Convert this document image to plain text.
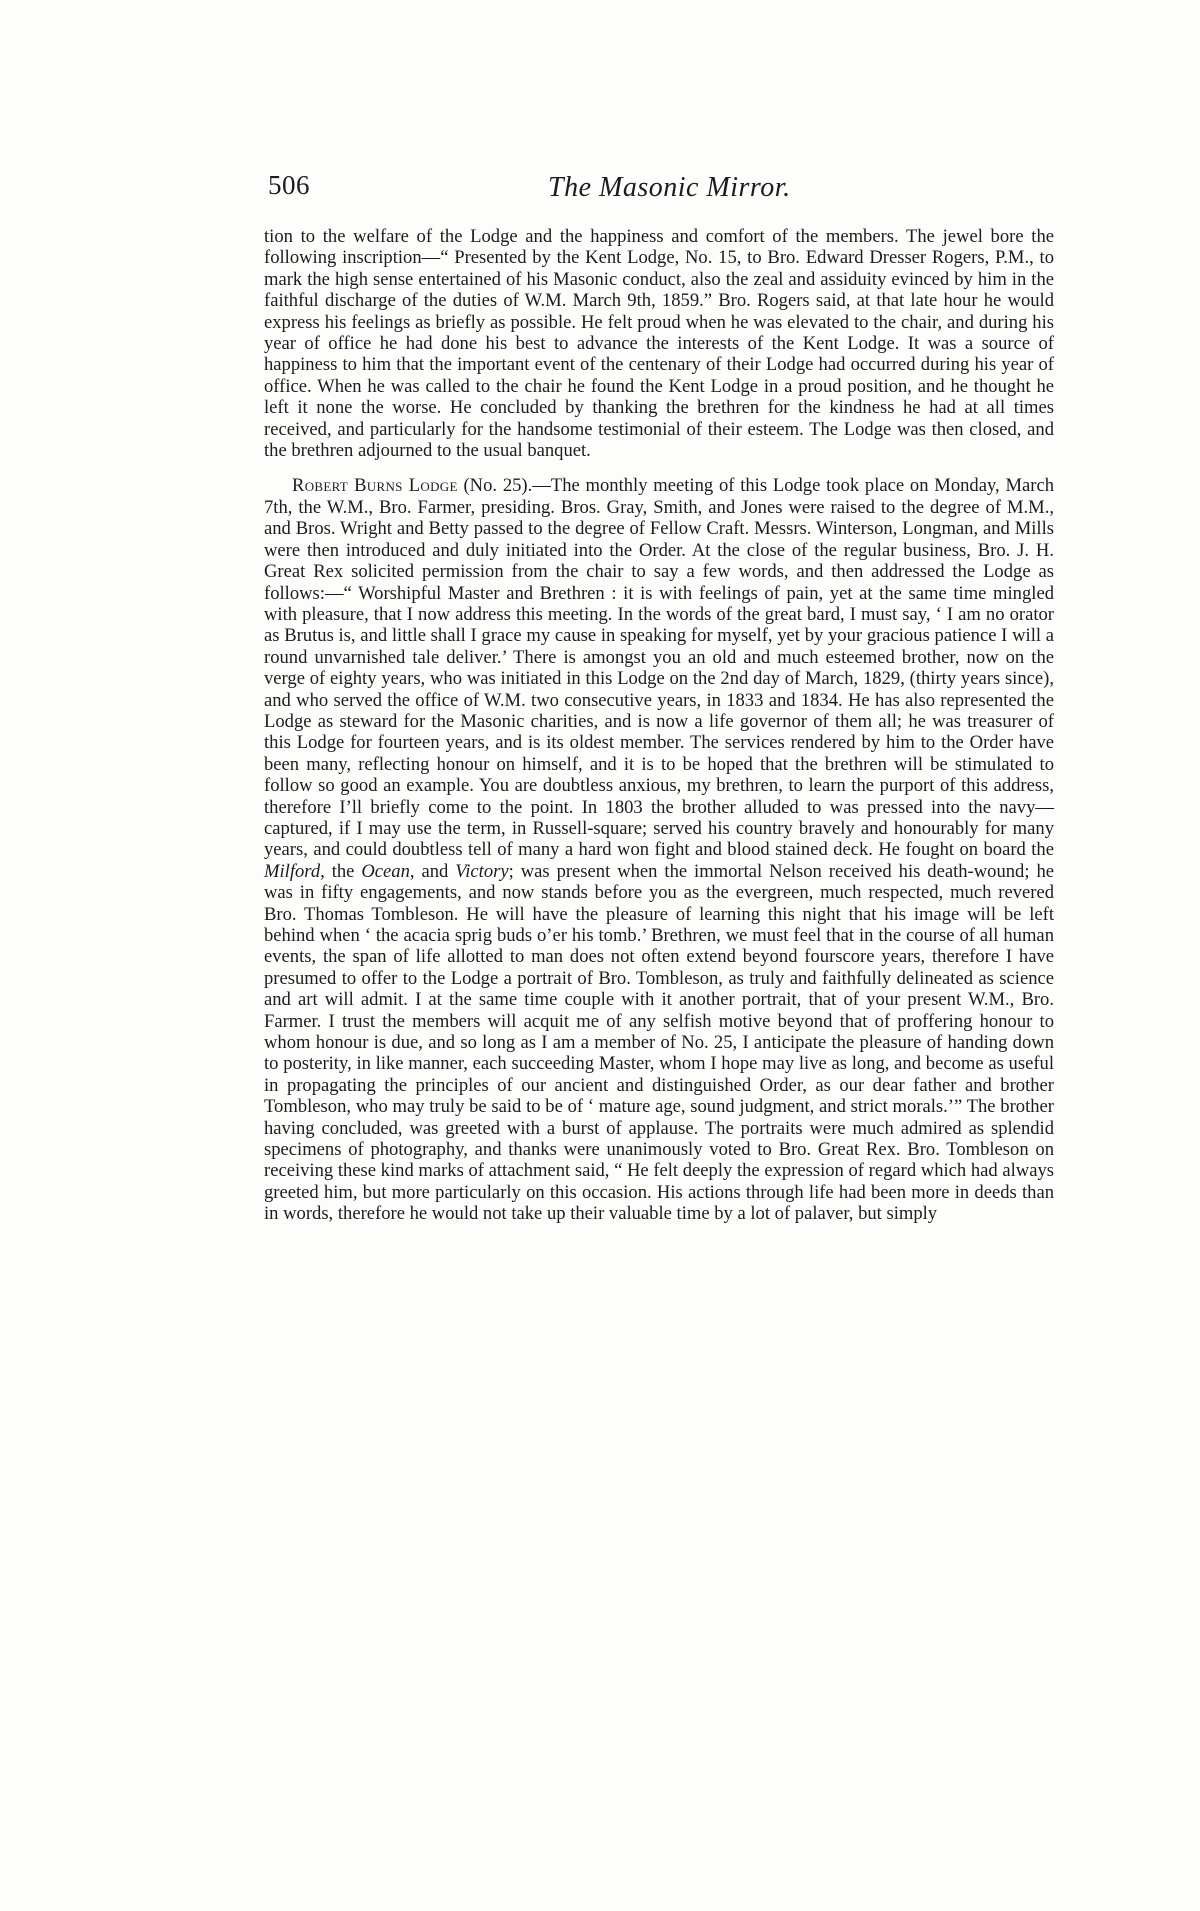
506	The Masonic Mirror.

tion to the welfare of the Lodge and the happiness and comfort of the members. The jewel bore the following inscription—“ Presented by the Kent Lodge, No. 15, to Bro. Edward Dresser Rogers, P.M., to mark the high sense entertained of his Masonic conduct, also the zeal and assiduity evinced by him in the faithful discharge of the duties of W.M. March 9th, 1859.” Bro. Rogers said, at that late hour he would express his feelings as briefly as possible. He felt proud when he was elevated to the chair, and during his year of office he had done his best to advance the interests of the Kent Lodge. It was a source of happiness to him that the important event of the centenary of their Lodge had occurred during his year of office. When he was called to the chair he found the Kent Lodge in a proud position, and he thought he left it none the worse. He concluded by thanking the brethren for the kindness he had at all times received, and particularly for the handsome testimonial of their esteem. The Lodge was then closed, and the brethren adjourned to the usual banquet.

Robert Burns Lodge (No. 25).—The monthly meeting of this Lodge took place on Monday, March 7th, the W.M., Bro. Farmer, presiding. Bros. Gray, Smith, and Jones were raised to the degree of M.M., and Bros. Wright and Betty passed to the degree of Fellow Craft. Messrs. Winterson, Longman, and Mills were then introduced and duly initiated into the Order. At the close of the regular business, Bro. J. H. Great Rex solicited permission from the chair to say a few words, and then addressed the Lodge as follows:—“ Worshipful Master and Brethren : it is with feelings of pain, yet at the same time mingled with pleasure, that I now address this meeting. In the words of the great bard, I must say, ‘ I am no orator as Brutus is, and little shall I grace my cause in speaking for myself, yet by your gracious patience I will a round unvarnished tale deliver.’ There is amongst you an old and much esteemed brother, now on the verge of eighty years, who was initiated in this Lodge on the 2nd day of March, 1829, (thirty years since), and who served the office of W.M. two consecutive years, in 1833 and 1834. He has also represented the Lodge as steward for the Masonic charities, and is now a life governor of them all; he was treasurer of this Lodge for fourteen years, and is its oldest member. The services rendered by him to the Order have been many, reflecting honour on himself, and it is to be hoped that the brethren will be stimulated to follow so good an example. You are doubtless anxious, my brethren, to learn the purport of this address, therefore I’ll briefly come to the point. In 1803 the brother alluded to was pressed into the navy—captured, if I may use the term, in Russell-square; served his country bravely and honourably for many years, and could doubtless tell of many a hard won fight and blood stained deck. He fought on board the Milford, the Ocean, and Victory; was present when the immortal Nelson received his death-wound; he was in fifty engagements, and now stands before you as the evergreen, much respected, much revered Bro. Thomas Tombleson. He will have the pleasure of learning this night that his image will be left behind when ‘ the acacia sprig buds o’er his tomb.’ Brethren, we must feel that in the course of all human events, the span of life allotted to man does not often extend beyond fourscore years, therefore I have presumed to offer to the Lodge a portrait of Bro. Tombleson, as truly and faithfully delineated as science and art will admit. I at the same time couple with it another portrait, that of your present W.M., Bro. Farmer. I trust the members will acquit me of any selfish motive beyond that of proffering honour to whom honour is due, and so long as I am a member of No. 25, I anticipate the pleasure of handing down to posterity, in like manner, each succeeding Master, whom I hope may live as long, and become as useful in propagating the principles of our ancient and distinguished Order, as our dear father and brother Tombleson, who may truly be said to be of ‘ mature age, sound judgment, and strict morals.’” The brother having concluded, was greeted with a burst of applause. The portraits were much admired as splendid specimens of photography, and thanks were unanimously voted to Bro. Great Rex. Bro. Tombleson on receiving these kind marks of attachment said, “ He felt deeply the expression of regard which had always greeted him, but more particularly on this occasion. His actions through life had been more in deeds than in words, therefore he would not take up their valuable time by a lot of palaver, but simply
